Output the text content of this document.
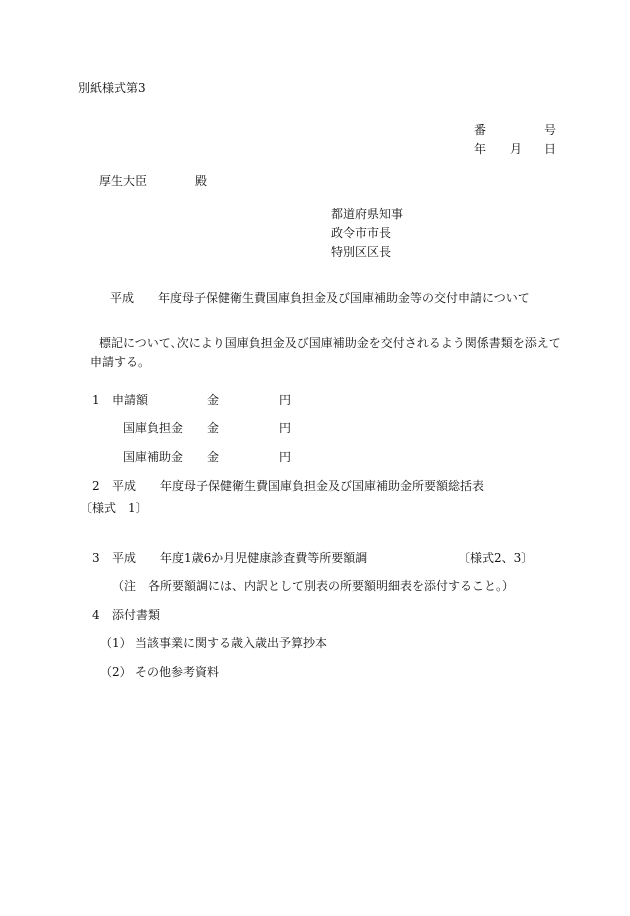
別紙様式第3
番	号
年 月 日
厚生大臣	殿
都道府県知事
政令市市長
特別区区長
平成 年度母子保健衛生費国庫負担金及び国庫補助金等の交付申請について
標記について､次により国庫負担金及び国庫補助金を交付されるよう関係書類を添えて
申請する。
1 申請額	金	円
国庫負担金 金	円
国庫補助金 金	円
2 平成 年度母子保健衛生費国庫負担金及び国庫補助金所要額総括表
〔様式　1〕
3 平成 年度1歳6か月児健康診査費等所要額調	〔様式2、3〕
（注　各所要額調には、内訳として別表の所要額明細表を添付すること。）
4 添付書類
（1） 当該事業に関する歳入歳出予算抄本
（2） その他参考資料
